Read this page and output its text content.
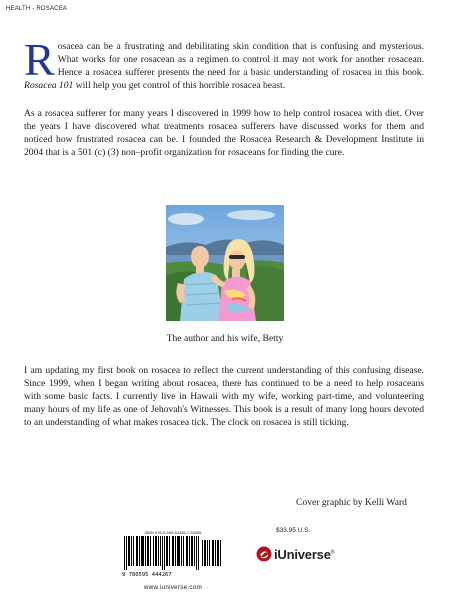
HEALTH - ROSACEA

Rosacea can be a frustrating and debilitating skin condition that is confusing and mysterious. What works for one rosacean as a regimen to control it may not work for another rosacean. Hence a rosacea sufferer presents the need for a basic understanding of rosacea in this book. Rosacea 101 will help you get control of this horrible rosacea beast.

As a rosacea sufferer for many years I discovered in 1999 how to help control rosacea with diet. Over the years I have discovered what treatments rosacea sufferers have discussed works for them and noticed how frustrated rosacea can be. I founded the Rosacea Research & Development Institute in 2004 that is a 501 (c) (3) non–profit organization for rosaceans for finding the cure.

The author and his wife, Betty

I am updating my first book on rosacea to reflect the current understanding of this confusing disease. Since 1999, when I began writing about rosacea, there has continued to be a need to help rosaceans with some basic facts. I currently live in Hawaii with my wife, working part-time, and volunteering many hours of my life as one of Jehovah's Witnesses. This book is a result of many long hours devoted to an understanding of what makes rosacea tick. The clock on rosacea is still ticking.

Cover graphic by Kelli Ward
ISBN 978-0-595-44426-7 53395
9 780595 444267
www.iuniverse.com
$33.95 U.S.
iUniverse®
